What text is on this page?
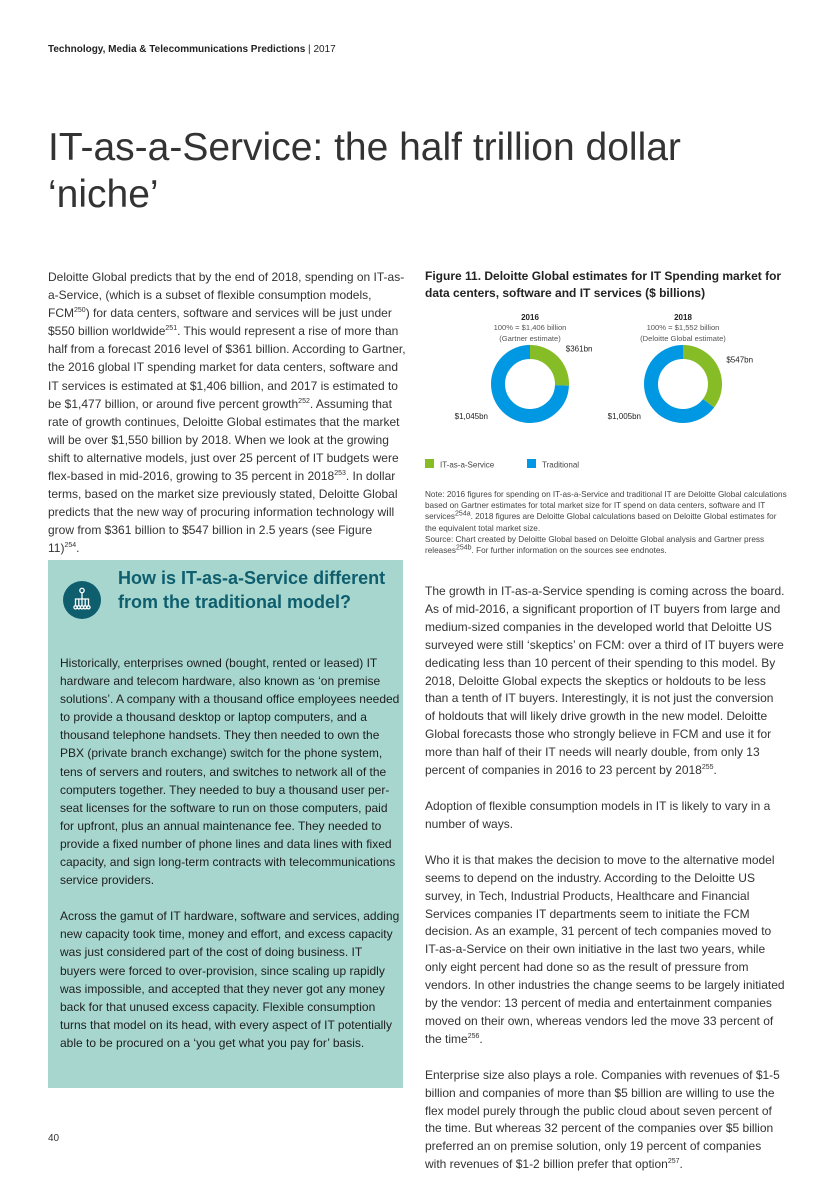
Technology, Media & Telecommunications Predictions | 2017
IT-as-a-Service: the half trillion dollar ‘niche’

Deloitte Global predicts that by the end of 2018, spending on IT-as-a-Service, (which is a subset of flexible consumption models, FCM$^{250}$) for data centers, software and services will be just under $550 billion worldwide$^{251}$. This would represent a rise of more than half from a forecast 2016 level of $361 billion. According to Gartner, the 2016 global IT spending market for data centers, software and IT services is estimated at $1,406 billion, and 2017 is estimated to be $1,477 billion, or around five percent growth$^{252}$. Assuming that rate of growth continues, Deloitte Global estimates that the market will be over $1,550 billion by 2018. When we look at the growing shift to alternative models, just over 25 percent of IT budgets were flex-based in mid-2016, growing to 35 percent in 2018$^{253}$. In dollar terms, based on the market size previously stated, Deloitte Global predicts that the new way of procuring information technology will grow from $361 billion to $547 billion in 2.5 years (see Figure 11)$^{254}$.

Figure 11. Deloitte Global estimates for IT Spending market for data centers, software and IT services ($ billions)

2016
100% = $1,406 billion
(Gartner estimate)
$361bn
$1,045bn
2018
100% = $1,552 billion
(Deloitte Global estimate)
$547bn
$1,005bn
IT-as-a-Service	Traditional

Note: 2016 figures for spending on IT-as-a-Service and traditional IT are Deloitte Global calculations based on Gartner estimates for total market size for IT spend on data centers, software and IT services$^{254a}$. 2018 figures are Deloitte Global calculations based on Deloitte Global estimates for the equivalent total market size.
Source: Chart created by Deloitte Global based on Deloitte Global analysis and Gartner press releases$^{254b}$. For further information on the sources see endnotes.

How is IT-as-a-Service different from the traditional model?

Historically, enterprises owned (bought, rented or leased) IT hardware and telecom hardware, also known as ‘on premise solutions’. A company with a thousand office employees needed to provide a thousand desktop or laptop computers, and a thousand telephone handsets. They then needed to own the PBX (private branch exchange) switch for the phone system, tens of servers and routers, and switches to network all of the computers together. They needed to buy a thousand user per-seat licenses for the software to run on those computers, paid for upfront, plus an annual maintenance fee. They needed to provide a fixed number of phone lines and data lines with fixed capacity, and sign long-term contracts with telecommunications service providers.

Across the gamut of IT hardware, software and services, adding new capacity took time, money and effort, and excess capacity was just considered part of the cost of doing business. IT buyers were forced to over-provision, since scaling up rapidly was impossible, and accepted that they never got any money back for that unused excess capacity. Flexible consumption turns that model on its head, with every aspect of IT potentially able to be procured on a ‘you get what you pay for’ basis.

The growth in IT-as-a-Service spending is coming across the board. As of mid-2016, a significant proportion of IT buyers from large and medium-sized companies in the developed world that Deloitte US surveyed were still ‘skeptics’ on FCM: over a third of IT buyers were dedicating less than 10 percent of their spending to this model. By 2018, Deloitte Global expects the skeptics or holdouts to be less than a tenth of IT buyers. Interestingly, it is not just the conversion of holdouts that will likely drive growth in the new model. Deloitte Global forecasts those who strongly believe in FCM and use it for more than half of their IT needs will nearly double, from only 13 percent of companies in 2016 to 23 percent by 2018$^{255}$.

Adoption of flexible consumption models in IT is likely to vary in a number of ways.

Who it is that makes the decision to move to the alternative model seems to depend on the industry. According to the Deloitte US survey, in Tech, Industrial Products, Healthcare and Financial Services companies IT departments seem to initiate the FCM decision. As an example, 31 percent of tech companies moved to IT-as-a-Service on their own initiative in the last two years, while only eight percent had done so as the result of pressure from vendors. In other industries the change seems to be largely initiated by the vendor: 13 percent of media and entertainment companies moved on their own, whereas vendors led the move 33 percent of the time$^{256}$.

Enterprise size also plays a role. Companies with revenues of $1-5 billion and companies of more than $5 billion are willing to use the flex model purely through the public cloud about seven percent of the time. But whereas 32 percent of the companies over $5 billion preferred an on premise solution, only 19 percent of companies with revenues of $1-2 billion prefer that option$^{257}$.

40
